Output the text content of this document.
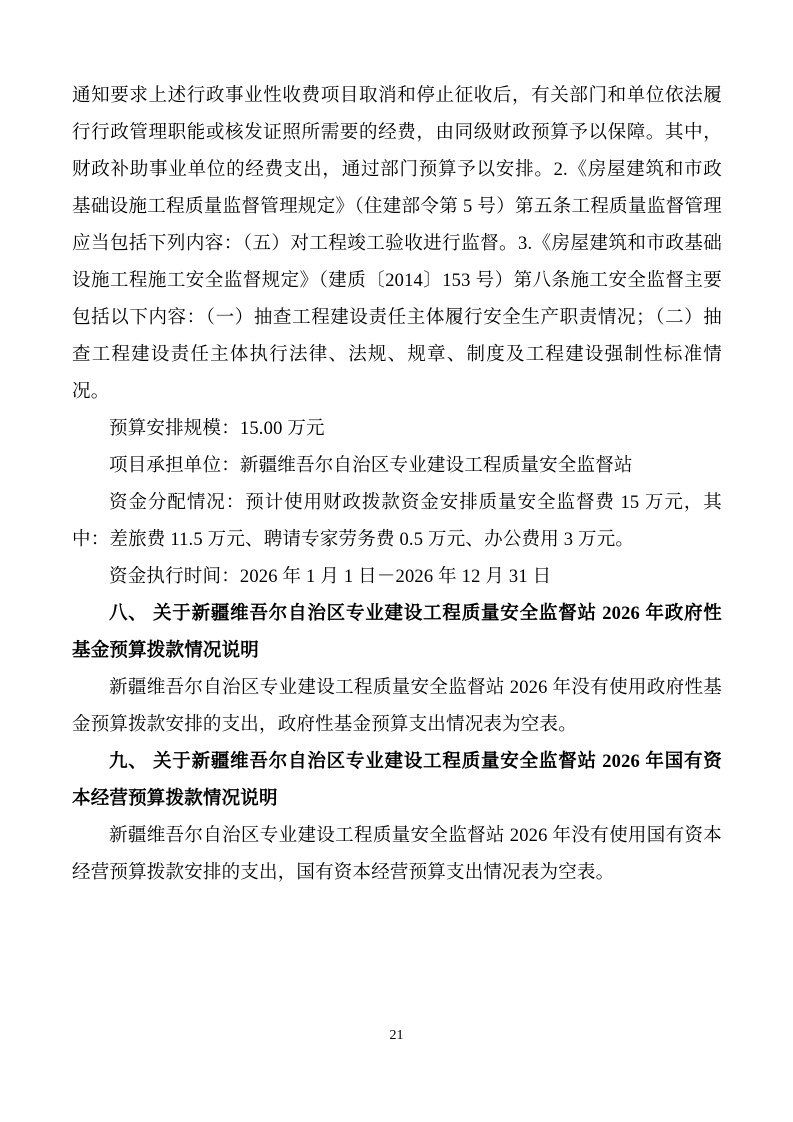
通知要求上述行政事业性收费项目取消和停止征收后，有关部门和单位依法履行行政管理职能或核发证照所需要的经费，由同级财政预算予以保障。其中，财政补助事业单位的经费支出，通过部门预算予以安排。2.《房屋建筑和市政基础设施工程质量监督管理规定》（住建部令第 5 号）第五条工程质量监督管理应当包括下列内容：（五）对工程竣工验收进行监督。3.《房屋建筑和市政基础设施工程施工安全监督规定》（建质〔2014〕153 号）第八条施工安全监督主要包括以下内容：（一）抽查工程建设责任主体履行安全生产职责情况；（二）抽查工程建设责任主体执行法律、法规、规章、制度及工程建设强制性标准情况。

预算安排规模：15.00 万元

项目承担单位：新疆维吾尔自治区专业建设工程质量安全监督站

资金分配情况：预计使用财政拨款资金安排质量安全监督费 15 万元，其中：差旅费 11.5 万元、聘请专家劳务费 0.5 万元、办公费用 3 万元。

资金执行时间：2026 年 1 月 1 日－2026 年 12 月 31 日

八、 关于新疆维吾尔自治区专业建设工程质量安全监督站 2026 年政府性基金预算拨款情况说明

新疆维吾尔自治区专业建设工程质量安全监督站 2026 年没有使用政府性基金预算拨款安排的支出，政府性基金预算支出情况表为空表。

九、 关于新疆维吾尔自治区专业建设工程质量安全监督站 2026 年国有资本经营预算拨款情况说明

新疆维吾尔自治区专业建设工程质量安全监督站 2026 年没有使用国有资本经营预算拨款安排的支出，国有资本经营预算支出情况表为空表。

21
